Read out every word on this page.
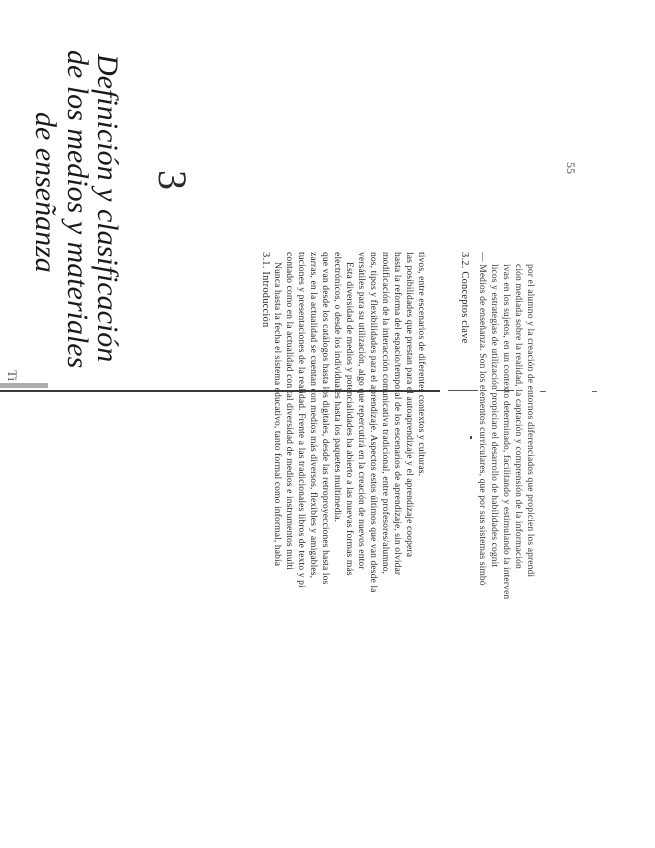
Ti
3
Definición y clasificación
de los medios y materiales
de enseñanza
3.1. Introducción Nunca hasta la fecha el sistema educativo, tanto formal como informal, había contado como en la actualidad con tal diversidad de medios e instrumentos multi tuciones y presentaciones de la realidad. Frente a las tradicionales libros de texto y pi zarras, en la actualidad se cuentan con medios más diversos, flexibles y amigables, que van desde los catálogos hasta los digitales, desde las retroproyecciones hasta los electrónicos, o desde los individuales hasta los paquetes multimedia. Esta diversidad de medios y potencialidades ha abierto a las nuevas formas más versátiles para su utilización, algo que repercutirá en la creación de nuevos entor nos, tipos y flexibilidades para el aprendizaje. Aspectos estos últimos que van desde la modificación de la interacción comunicativa tradicional, entre profesores/alumno, hasta la reforma del espacio/temporal de los escenarios de aprendizaje, sin olvidar las posibilidades que prestan para el autoaprendizaje y el aprendizaje coopera tivos, entre escenarios de diferentes contextos y culturas.	3.2. Conceptos clave — Medios de enseñanza. Son los elementos curriculares, que por sus sistemas simbó licos y estrategias de utilización propician el desarrollo de habilidades cognit ivas en los sujetos, en un contexto determinado, facilitando y estimulando la interven ción mediada sobre la realidad, la captación y comprensión de la información por el alumno y la creación de entornos diferenciados que propicien los aprendi
55
